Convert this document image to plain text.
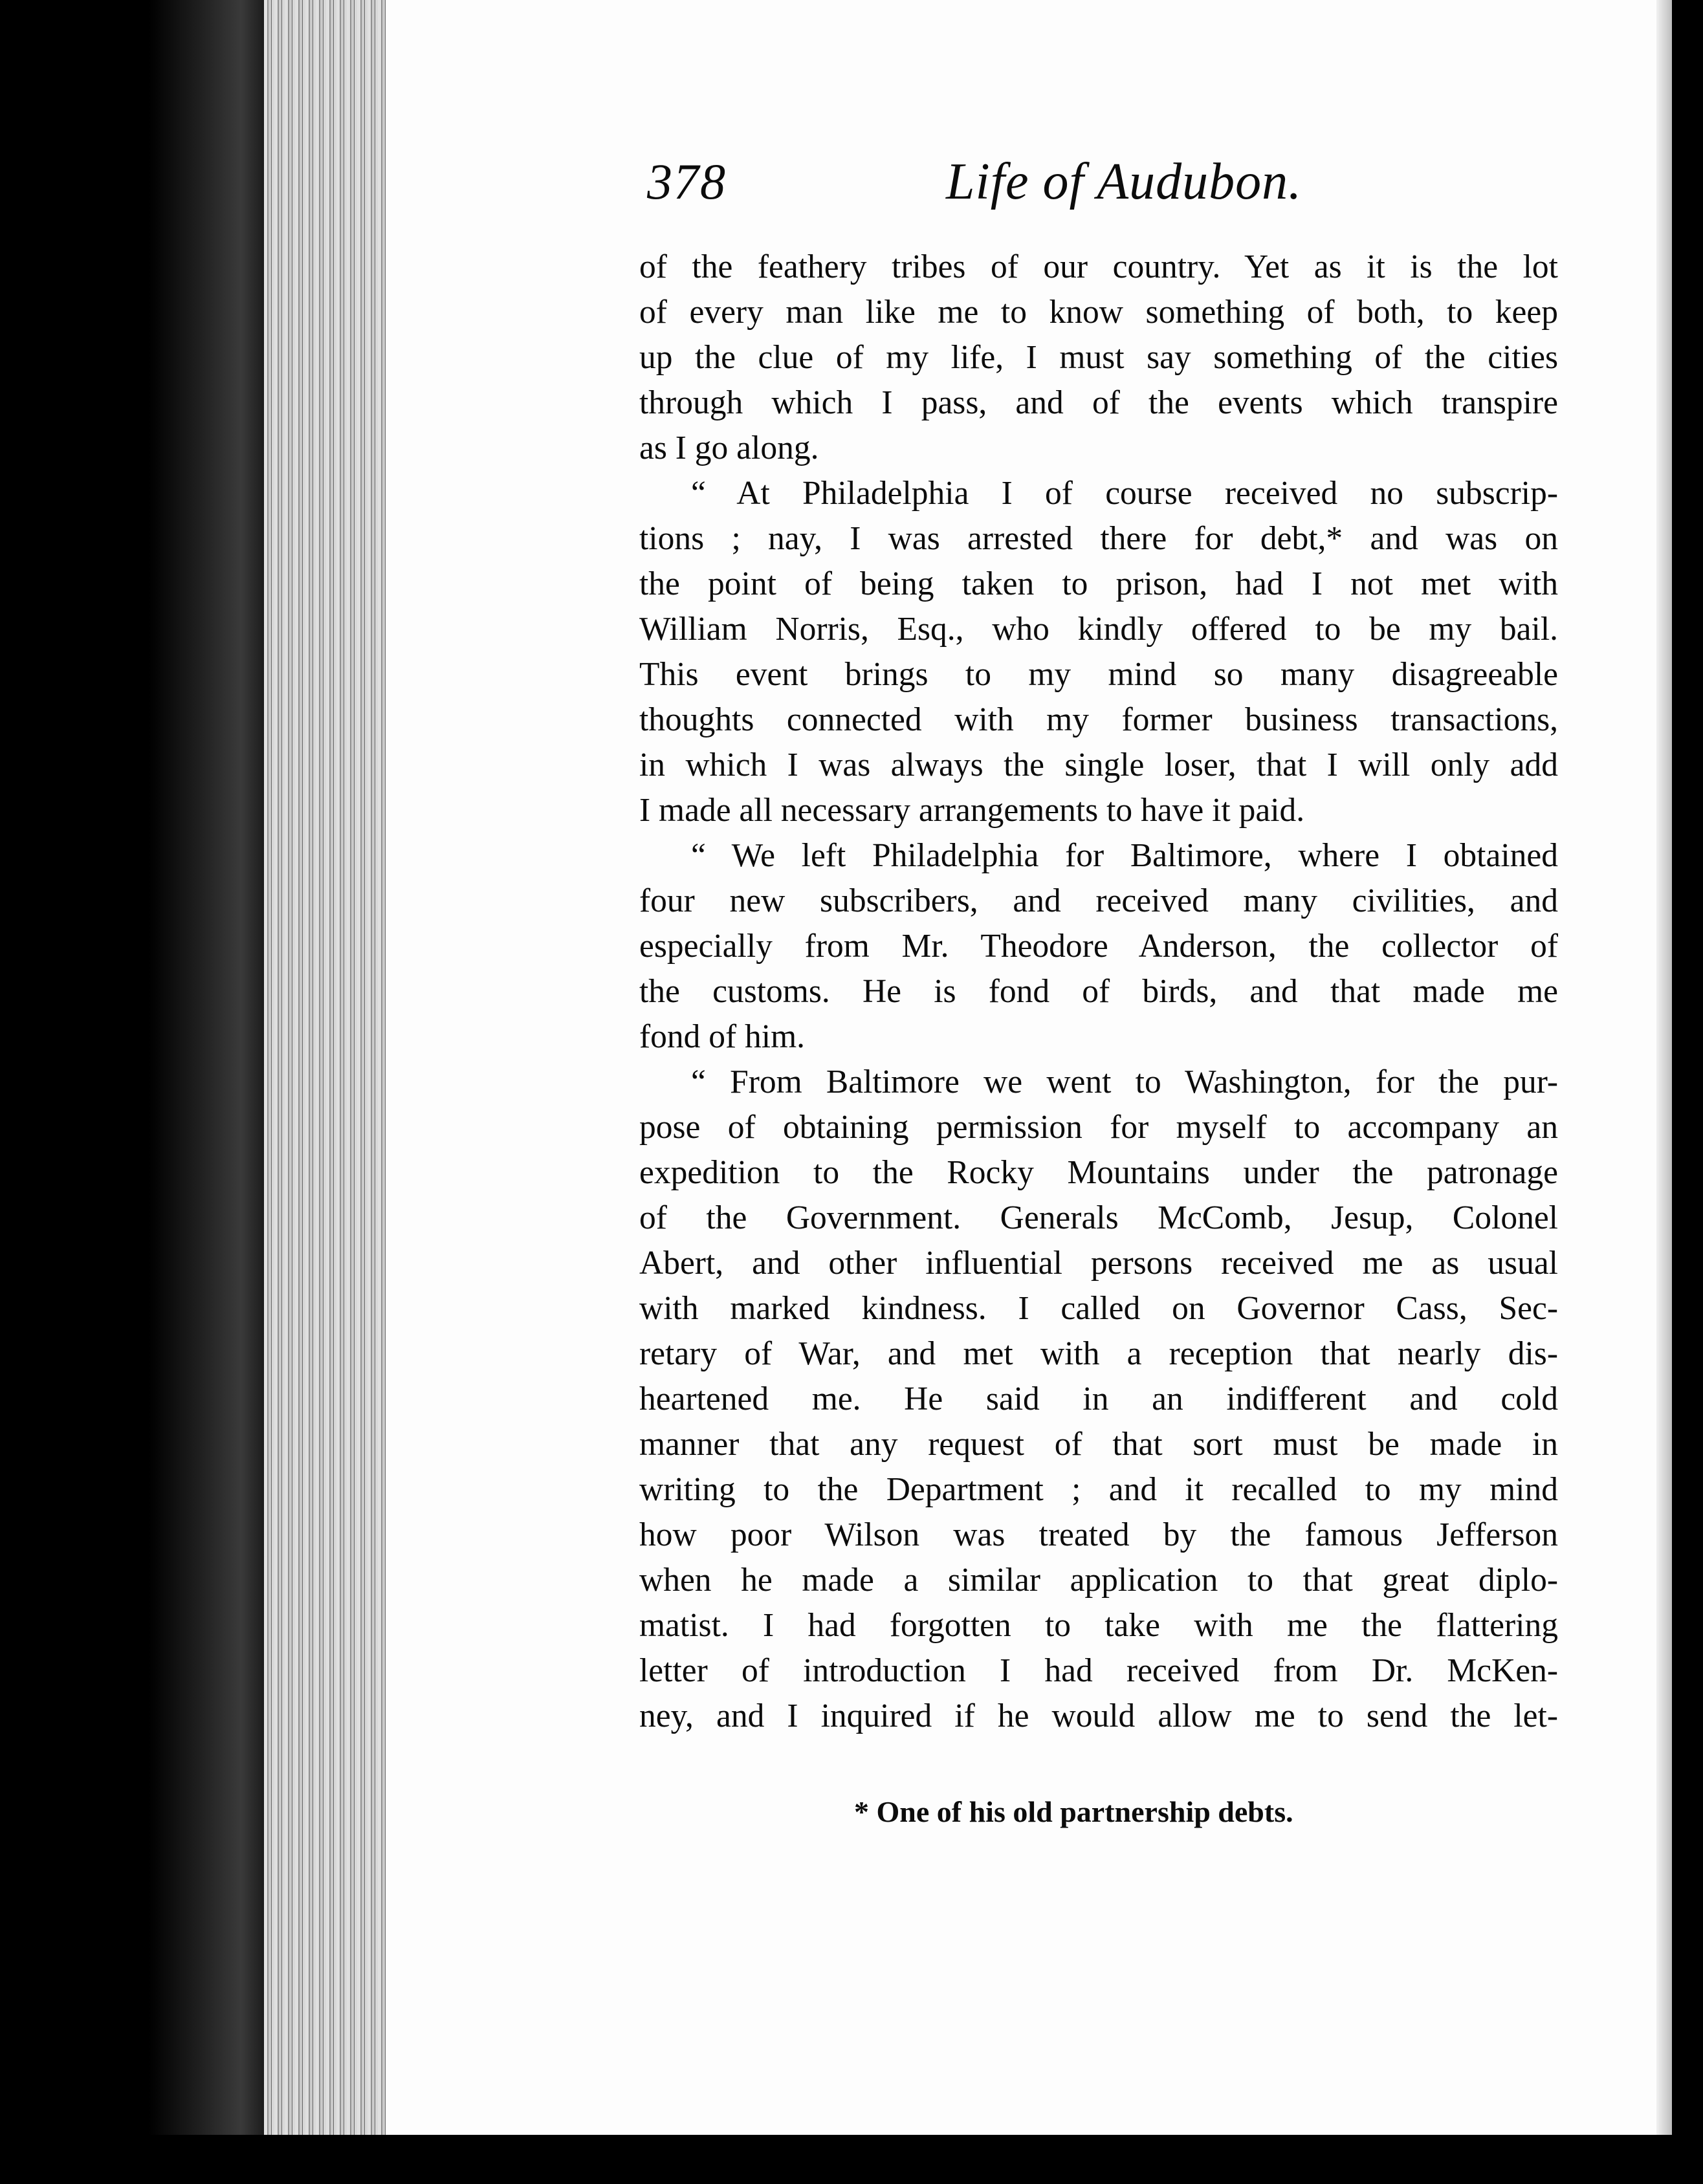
378	Life of Audubon.
of the feathery tribes of our country. Yet as it is the lot
of every man like me to know something of both, to keep
up the clue of my life, I must say something of the cities
through which I pass, and of the events which transpire
as I go along.
“ At Philadelphia I of course received no subscrip-
tions ; nay, I was arrested there for debt,* and was on
the point of being taken to prison, had I not met with
William Norris, Esq., who kindly offered to be my bail.
This event brings to my mind so many disagreeable
thoughts connected with my former business transactions,
in which I was always the single loser, that I will only add
I made all necessary arrangements to have it paid.
“ We left Philadelphia for Baltimore, where I obtained
four new subscribers, and received many civilities, and
especially from Mr. Theodore Anderson, the collector of
the customs. He is fond of birds, and that made me
fond of him.
“ From Baltimore we went to Washington, for the pur-
pose of obtaining permission for myself to accompany an
expedition to the Rocky Mountains under the patronage
of the Government. Generals McComb, Jesup, Colonel
Abert, and other influential persons received me as usual
with marked kindness. I called on Governor Cass, Sec-
retary of War, and met with a reception that nearly dis-
heartened me. He said in an indifferent and cold
manner that any request of that sort must be made in
writing to the Department ; and it recalled to my mind
how poor Wilson was treated by the famous Jefferson
when he made a similar application to that great diplo-
matist. I had forgotten to take with me the flattering
letter of introduction I had received from Dr. McKen-
ney, and I inquired if he would allow me to send the let-
* One of his old partnership debts.
